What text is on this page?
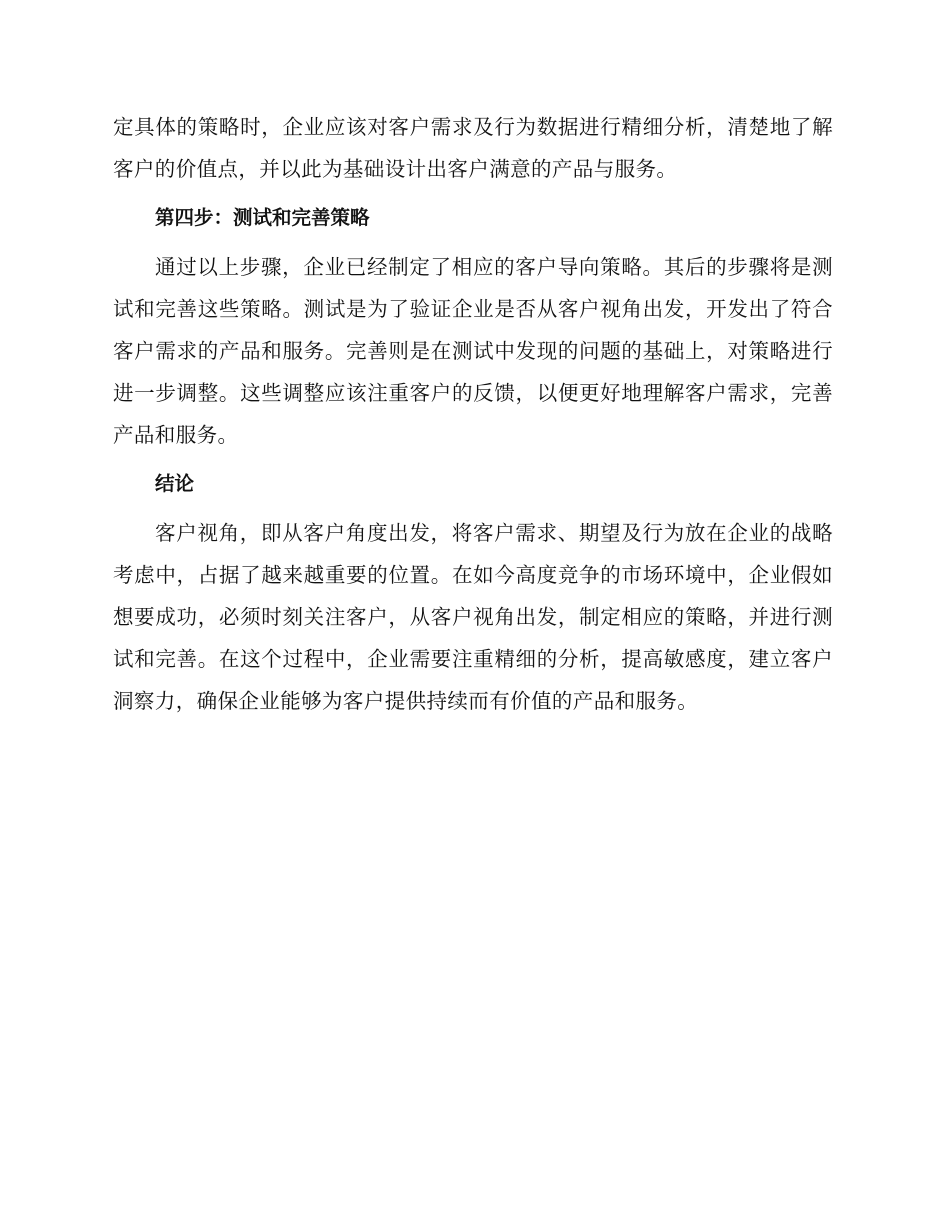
定具体的策略时，企业应该对客户需求及行为数据进行精细分析，清楚地了解客户的价值点，并以此为基础设计出客户满意的产品与服务。

第四步：测试和完善策略

通过以上步骤，企业已经制定了相应的客户导向策略。其后的步骤将是测试和完善这些策略。测试是为了验证企业是否从客户视角出发，开发出了符合客户需求的产品和服务。完善则是在测试中发现的问题的基础上，对策略进行进一步调整。这些调整应该注重客户的反馈，以便更好地理解客户需求，完善产品和服务。

结论

客户视角，即从客户角度出发，将客户需求、期望及行为放在企业的战略考虑中，占据了越来越重要的位置。在如今高度竞争的市场环境中，企业假如想要成功，必须时刻关注客户，从客户视角出发，制定相应的策略，并进行测试和完善。在这个过程中，企业需要注重精细的分析，提高敏感度，建立客户洞察力，确保企业能够为客户提供持续而有价值的产品和服务。
